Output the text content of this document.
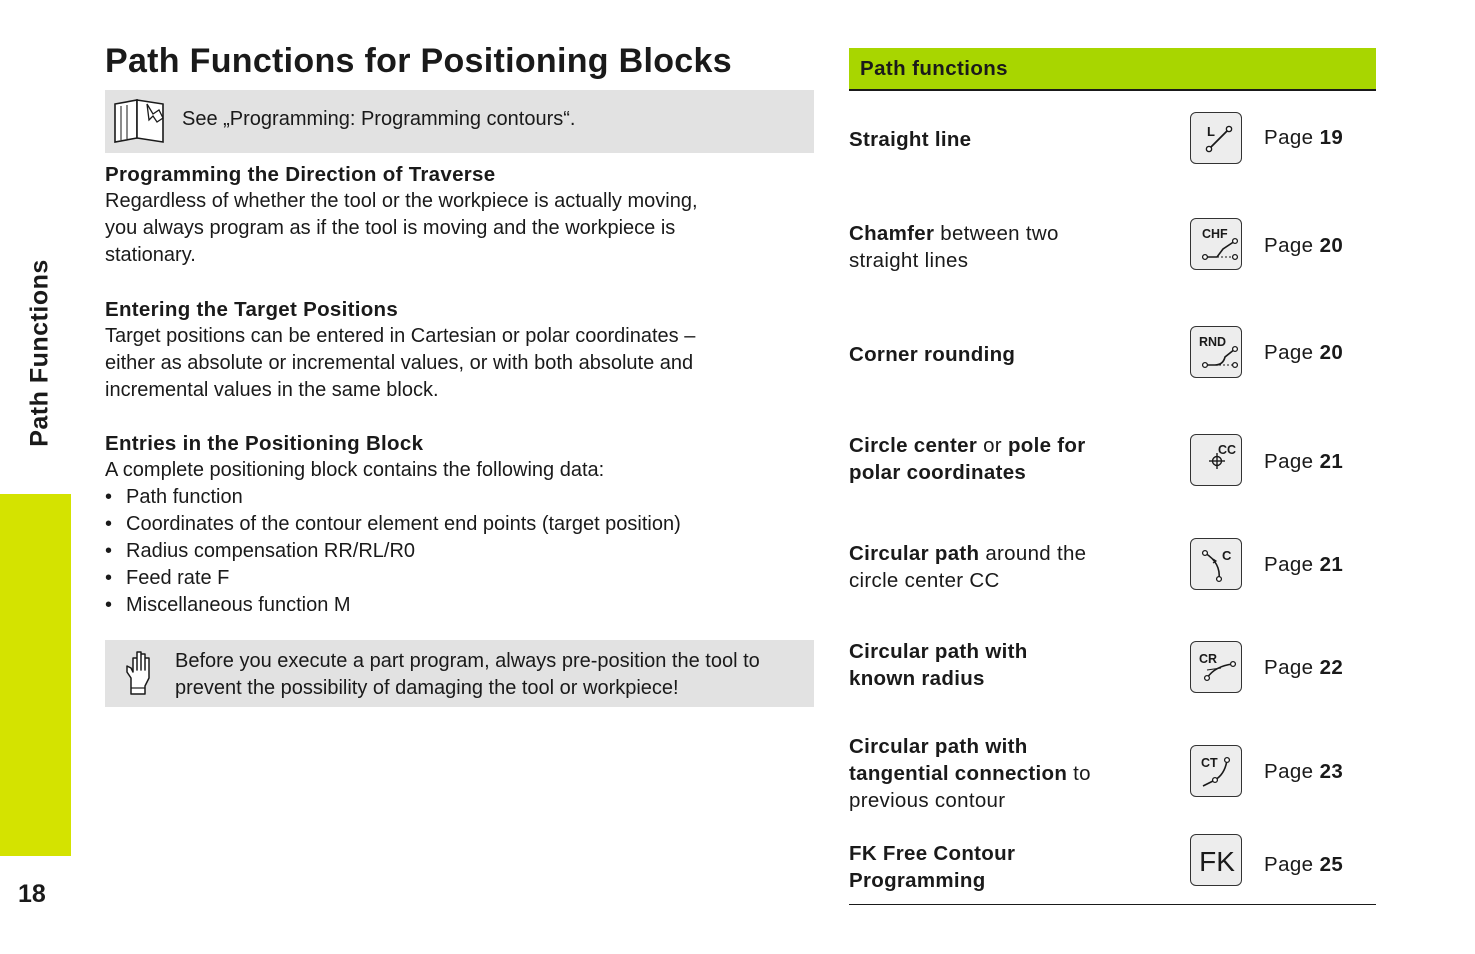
Path Functions
18
Path Functions for Positioning Blocks
See „Programming: Programming contours“.
Programming the Direction of Traverse

Regardless of whether the tool or the workpiece is actually moving,

you always program as if the tool is moving and the workpiece is

stationary.

Entering the Target Positions

Target positions can be entered in Cartesian or polar coordinates –

either as absolute or incremental values, or with both absolute and

incremental values in the same block.

Entries in the Positioning Block

A complete positioning block contains the following data:

• Path function
• Coordinates of the contour element end points (target position)
• Radius compensation RR/RL/R0
• Feed rate F
• Miscellaneous function M
Before you execute a part program, always pre-position the tool to
prevent the possibility of damaging the tool or workpiece!
Path functions
Straight line	L Page 19
Chamfer between two
straight lines
CHF Page 20
Corner rounding
RND Page 20
Circle center or pole for
polar coordinates
CC Page 21
Circular path around the
circle center CC
C Page 21
Circular path with
known radius
CR Page 22
Circular path with
tangential connection to
previous contour
CT Page 23
FK Free Contour
Programming
FK Page 25
